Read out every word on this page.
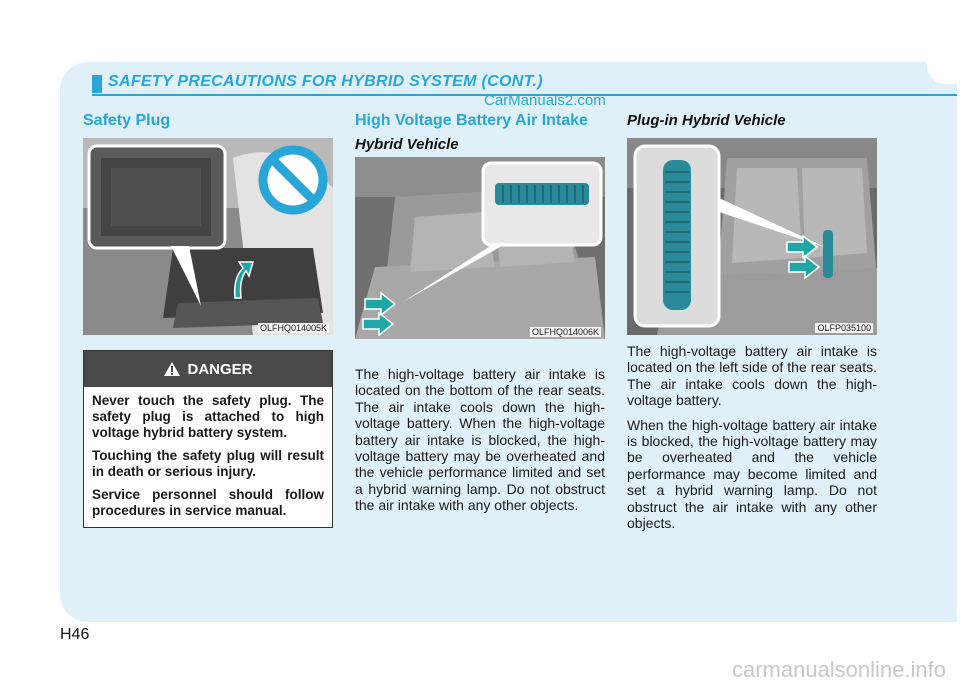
SAFETY PRECAUTIONS FOR HYBRID SYSTEM (CONT.)
CarManuals2.com
Safety Plug
OLFHQ014005K
DANGER

Never touch the safety plug. The safety plug is attached to high voltage hybrid battery system.

Touching the safety plug will result in death or serious injury.

Service personnel should follow procedures in service manual.

High Voltage Battery Air Intake
Hybrid Vehicle
OLFHQ014006K

The high-voltage battery air intake is located on the bottom of the rear seats. The air intake cools down the high-voltage battery. When the high-voltage battery air intake is blocked, the high-voltage battery may be overheated and the vehicle performance limited and set a hybrid warning lamp. Do not obstruct the air intake with any other objects.

Plug-in Hybrid Vehicle
OLFP035100

The high-voltage battery air intake is located on the left side of the rear seats. The air intake cools down the high-voltage battery.

When the high-voltage battery air intake is blocked, the high-voltage battery may be overheated and the vehicle performance may become limited and set a hybrid warning lamp. Do not obstruct the air intake with any other objects.

H46
carmanualsonline.info
